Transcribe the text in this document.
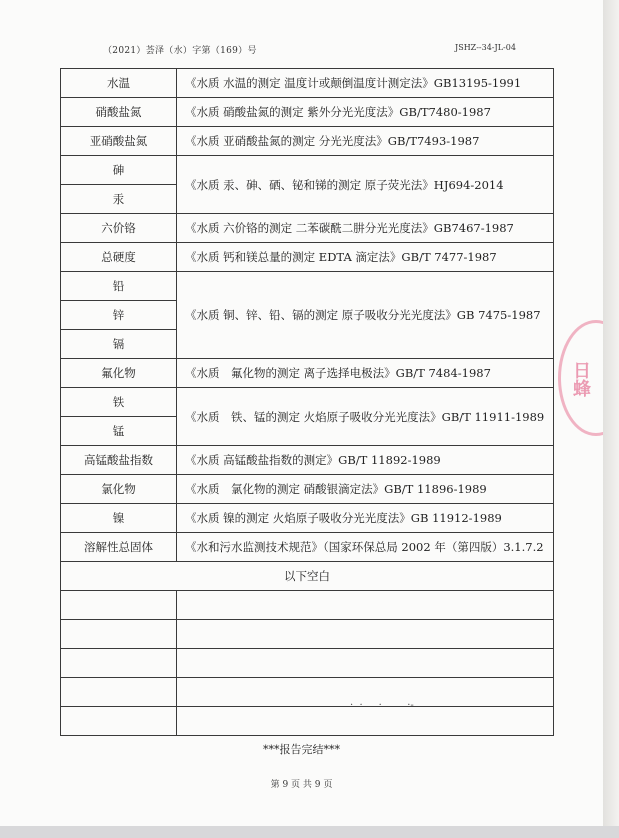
（2021）荟泽（水）字第（169）号	JSHZ--34-JL-04
水温	《水质 水温的测定 温度计或颠倒温度计测定法》GB13195-1991
硝酸盐氮	《水质 硝酸盐氮的测定 紫外分光光度法》GB/T7480-1987
亚硝酸盐氮	《水质 亚硝酸盐氮的测定 分光光度法》GB/T7493-1987
砷	《水质 汞、砷、硒、铋和锑的测定 原子荧光法》HJ694-2014
汞	
六价铬	《水质 六价铬的测定 二苯碳酰二肼分光光度法》GB7467-1987
总硬度	《水质 钙和镁总量的测定 EDTA 滴定法》GB/T 7477-1987
铅	《水质 铜、锌、铅、镉的测定 原子吸收分光光度法》GB 7475-1987
锌	
镉	
氟化物	《水质　氟化物的测定 离子选择电极法》GB/T 7484-1987
铁	《水质　铁、锰的测定 火焰原子吸收分光光度法》GB/T 11911-1989
锰	
高锰酸盐指数	《水质 高锰酸盐指数的测定》GB/T 11892-1989
氯化物	《水质　氯化物的测定 硝酸银滴定法》GB/T 11896-1989
镍	《水质 镍的测定 火焰原子吸收分光光度法》GB 11912-1989
溶解性总固体	《水和污水监测技术规范》（国家环保总局 2002 年（第四版）3.1.7.2
以下空白	

·  ·     ·        ·-
***报告完结***
第 9 页 共 9 页
日蜂
